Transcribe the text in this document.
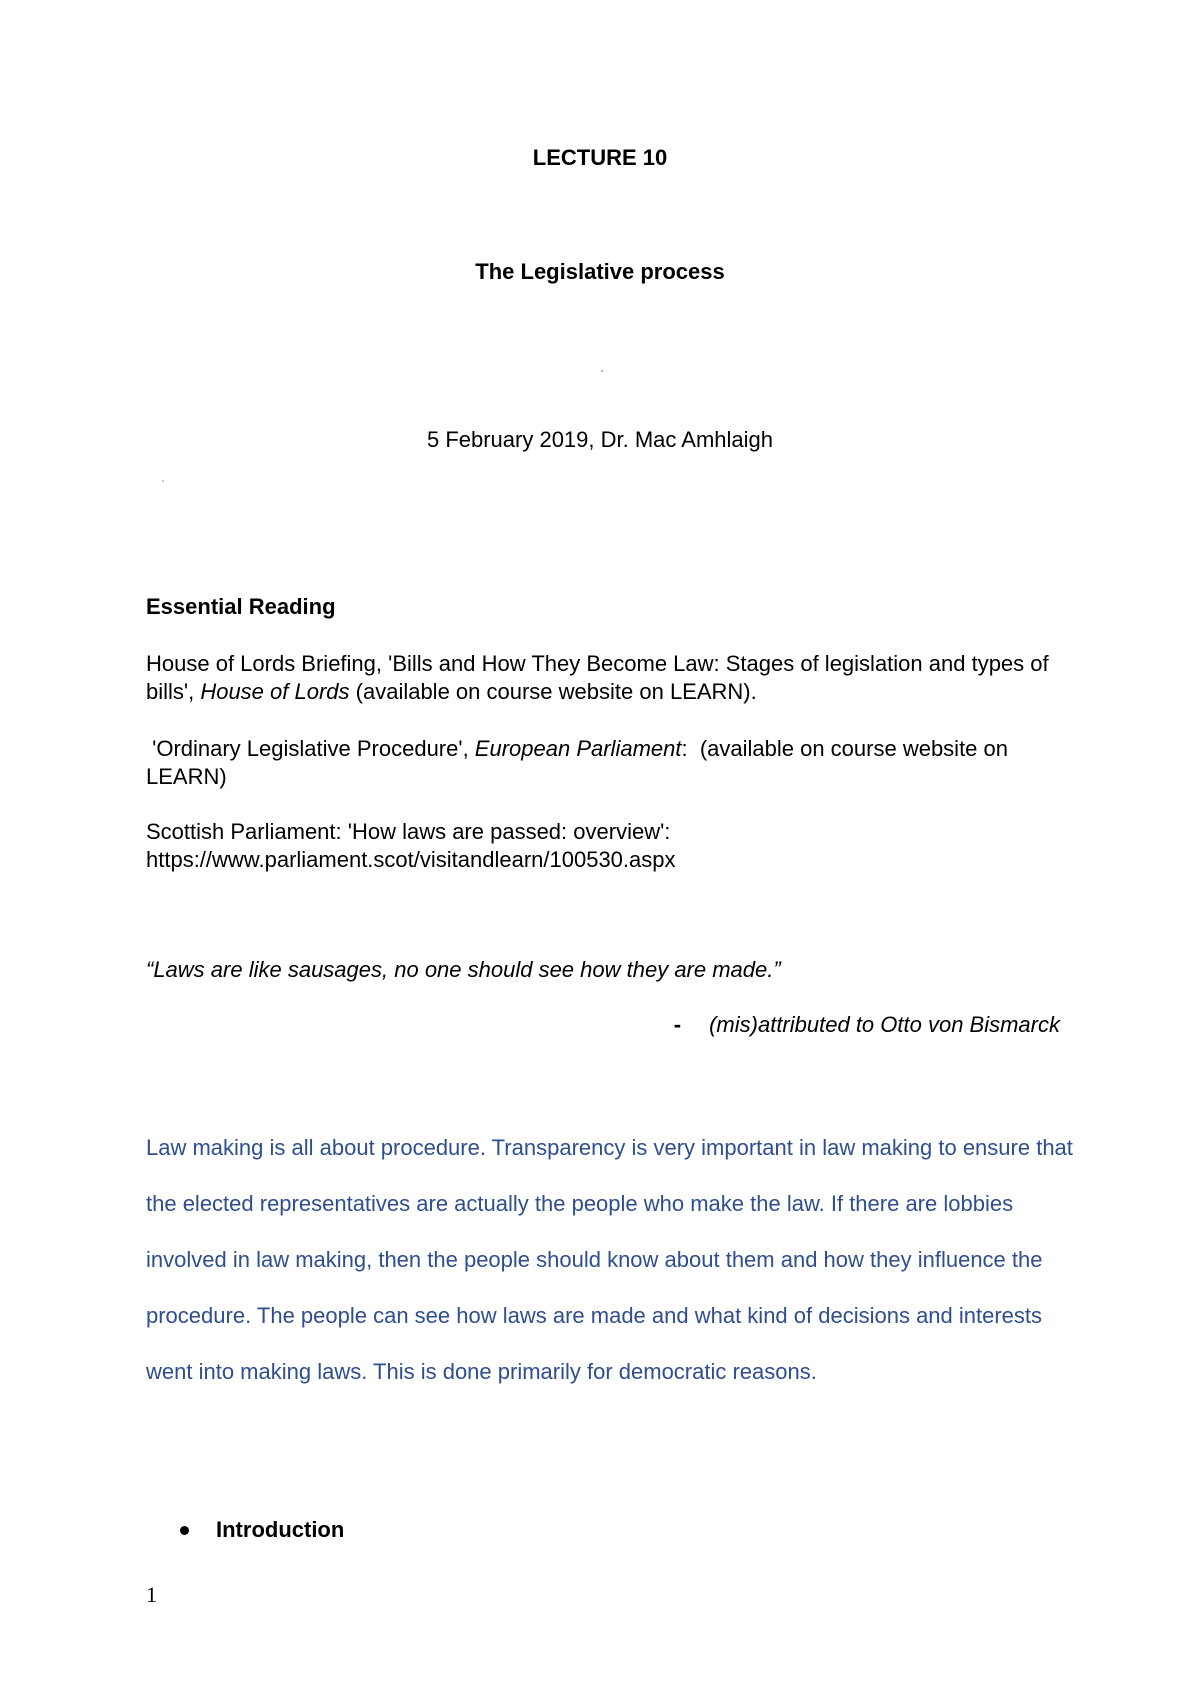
LECTURE 10
The Legislative process
5 February 2019, Dr. Mac Amhlaigh
Essential Reading
House of Lords Briefing, 'Bills and How They Become Law: Stages of legislation and types of bills', House of Lords (available on course website on LEARN).
'Ordinary Legislative Procedure', European Parliament:  (available on course website on LEARN)
Scottish Parliament: 'How laws are passed: overview':
https://www.parliament.scot/visitandlearn/100530.aspx
“Laws are like sausages, no one should see how they are made.”
- (mis)attributed to Otto von Bismarck
Law making is all about procedure. Transparency is very important in law making to ensure that the elected representatives are actually the people who make the law. If there are lobbies involved in law making, then the people should know about them and how they influence the procedure. The people can see how laws are made and what kind of decisions and interests went into making laws. This is done primarily for democratic reasons.
Introduction
1
